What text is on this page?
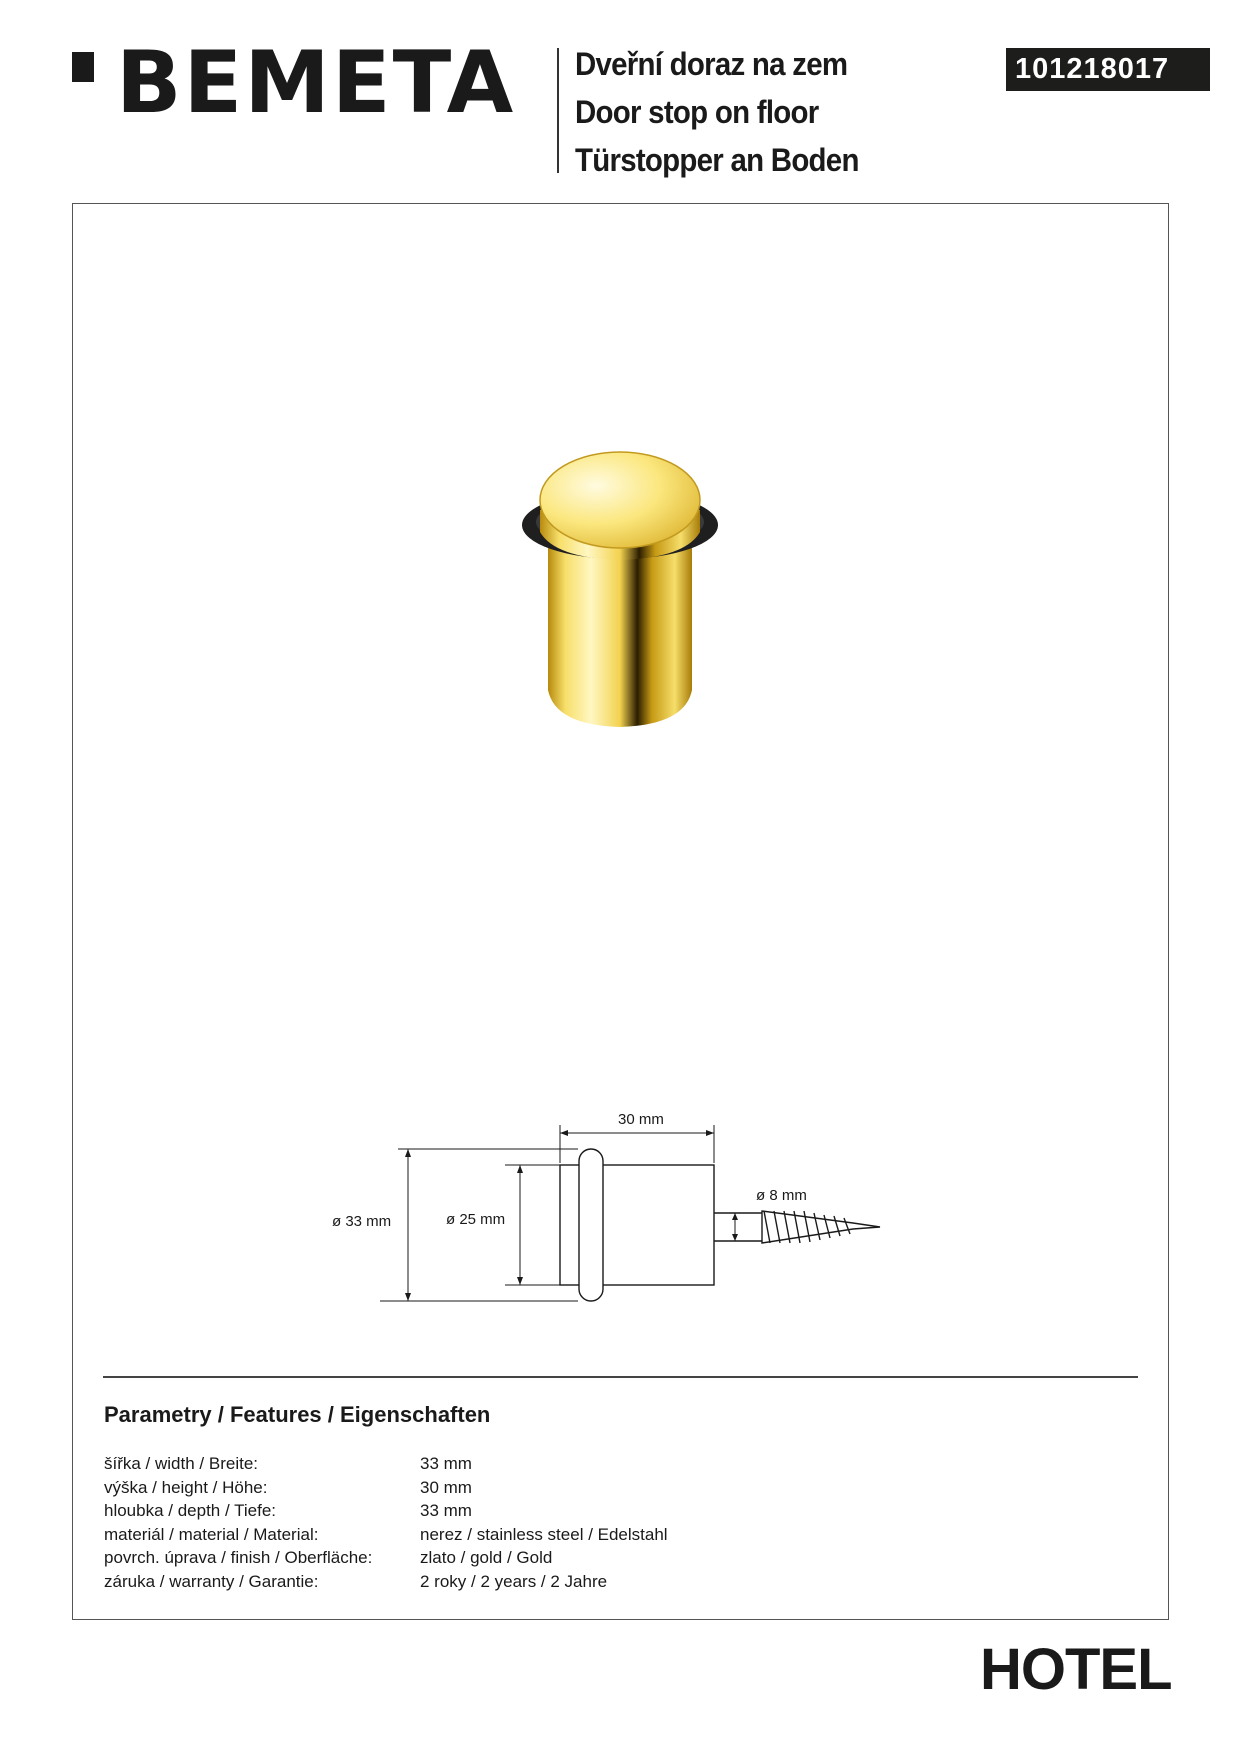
BEMETA Dveřní doraz na zem
Door stop on floor
Türstopper an Boden
101218017
30 mm
ø 33 mm	ø 25 mm
ø 8 mm
Parametry / Features / Eigenschaften
šířka / width / Breite:	33 mm
výška / height / Höhe:	30 mm
hloubka / depth / Tiefe:	33 mm
materiál / material / Material:	nerez / stainless steel / Edelstahl
povrch. úprava / finish / Oberfläche:	zlato / gold / Gold
záruka / warranty / Garantie:	2 roky / 2 years / 2 Jahre
HOTEL
